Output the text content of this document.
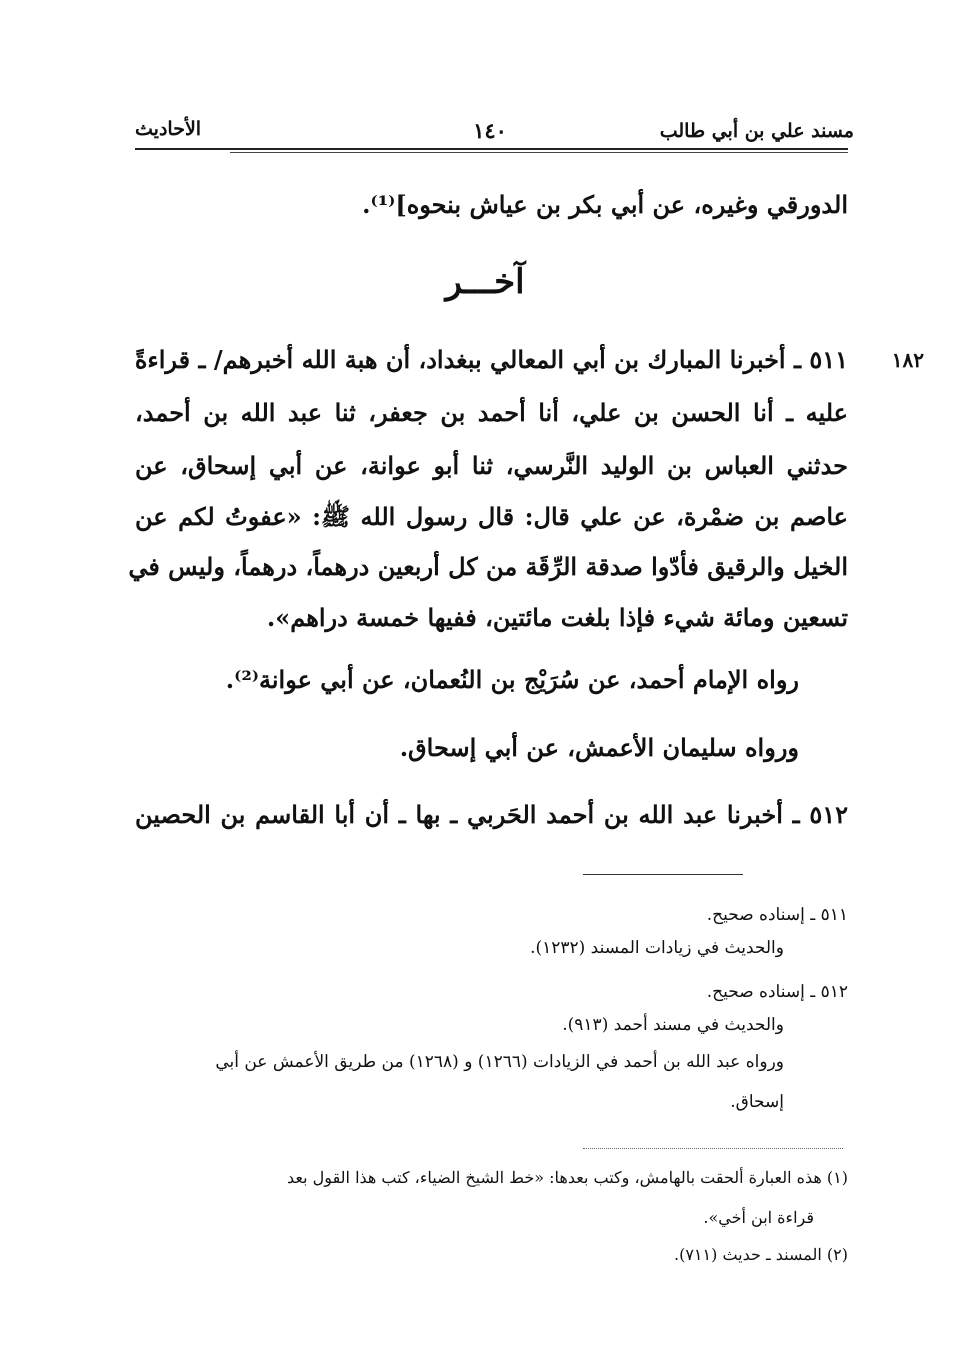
مسند علي بن أبي طالب
١٤٠
الأحاديث
الدورقي وغيره، عن أبي بكر بن عياش بنحوه]⁽¹⁾.
آخـــر
١٨٢
٥١١ ـ أخبرنا المبارك بن أبي المعالي ببغداد، أن هبة الله أخبرهم/ ـ قراءةً
عليه ـ أنا الحسن بن علي، أنا أحمد بن جعفر، ثنا عبد الله بن أحمد،
حدثني العباس بن الوليد النَّرسي، ثنا أبو عوانة، عن أبي إسحاق، عن
عاصم بن ضمْرة، عن علي قال: قال رسول الله ﷺ: «عفوتُ لكم عن
الخيل والرقيق فأدّوا صدقة الرِّقَة من كل أربعين درهماً، درهماً، وليس في
تسعين ومائة شيء فإذا بلغت مائتين، ففيها خمسة دراهم».
رواه الإمام أحمد، عن سُرَيْج بن النُعمان، عن أبي عوانة⁽²⁾.
ورواه سليمان الأعمش، عن أبي إسحاق.
٥١٢ ـ أخبرنا عبد الله بن أحمد الحَربي ـ بها ـ أن أبا القاسم بن الحصين
٥١١ ـ إسناده صحيح.
والحديث في زيادات المسند (١٢٣٢).
٥١٢ ـ إسناده صحيح.
والحديث في مسند أحمد (٩١٣).
ورواه عبد الله بن أحمد في الزيادات (١٢٦٦) و (١٢٦٨) من طريق الأعمش عن أبي
إسحاق.
(١) هذه العبارة ألحقت بالهامش، وكتب بعدها: «خط الشيخ الضياء، كتب هذا القول بعد
قراءة ابن أخي».
(٢) المسند ـ حديث (٧١١).
